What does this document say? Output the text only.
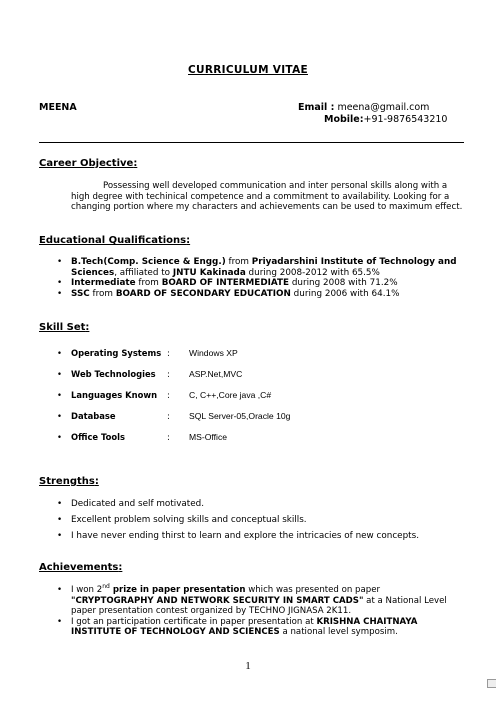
CURRICULUM VITAE
MEENA	Email : meena@gmail.com
Mobile:+91-9876543210
Career Objective:
Possessing well developed communication and inter personal skills along with a high degree with techinical competence and a commitment to availability. Looking for a changing portion where my characters and achievements can be used to maximum effect.
Educational Qualifications:
• B.Tech(Comp. Science & Engg.) from Priyadarshini Institute of Technology and Sciences, affiliated to JNTU Kakinada during 2008-2012 with 65.5%
• Intermediate from BOARD OF INTERMEDIATE during 2008 with 71.2%
• SSC from BOARD OF SECONDARY EDUCATION during 2006 with 64.1%
Skill Set:
• Operating Systems : Windows XP
• Web Technologies : ASP.Net,MVC
• Languages Known : C, C++,Core java ,C#
• Database	:SQL Server-05,Oracle 10g
• Office Tools	:MS-Office
Strengths:
• Dedicated and self motivated.
• Excellent problem solving skills and conceptual skills.
• I have never ending thirst to learn and explore the intricacies of new concepts.
Achievements:
• I won 2nd prize in paper presentation which was presented on paper "CRYPTOGRAPHY AND NETWORK SECURITY IN SMART CADS" at a National Level paper presentation contest organized by TECHNO JIGNASA 2K11.
• I got an participation certificate in paper presentation at KRISHNA CHAITNAYA INSTITUTE OF TECHNOLOGY AND SCIENCES a national level symposim.
1
